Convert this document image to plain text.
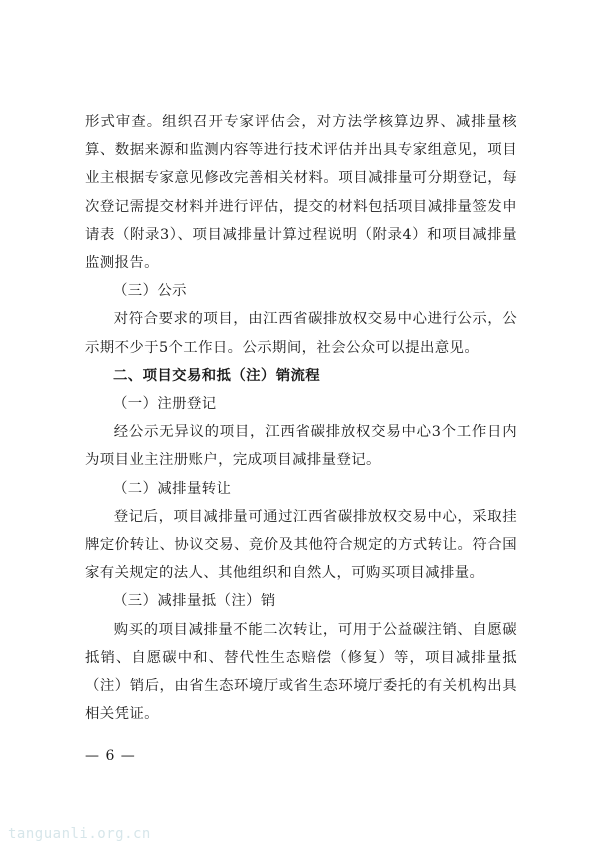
形式审查。组织召开专家评估会，对方法学核算边界、减排量核算、数据来源和监测内容等进行技术评估并出具专家组意见，项目业主根据专家意见修改完善相关材料。项目减排量可分期登记，每次登记需提交材料并进行评估，提交的材料包括项目减排量签发申请表（附录3）、项目减排量计算过程说明（附录4）和项目减排量监测报告。

（三）公示

对符合要求的项目，由江西省碳排放权交易中心进行公示，公示期不少于5个工作日。公示期间，社会公众可以提出意见。

二、项目交易和抵（注）销流程

（一）注册登记

经公示无异议的项目，江西省碳排放权交易中心3个工作日内为项目业主注册账户，完成项目减排量登记。

（二）减排量转让

登记后，项目减排量可通过江西省碳排放权交易中心，采取挂牌定价转让、协议交易、竞价及其他符合规定的方式转让。符合国家有关规定的法人、其他组织和自然人，可购买项目减排量。

（三）减排量抵（注）销

购买的项目减排量不能二次转让，可用于公益碳注销、自愿碳抵销、自愿碳中和、替代性生态赔偿（修复）等，项目减排量抵（注）销后，由省生态环境厅或省生态环境厅委托的有关机构出具相关凭证。

— 6 —
tanguanli.org.cn
